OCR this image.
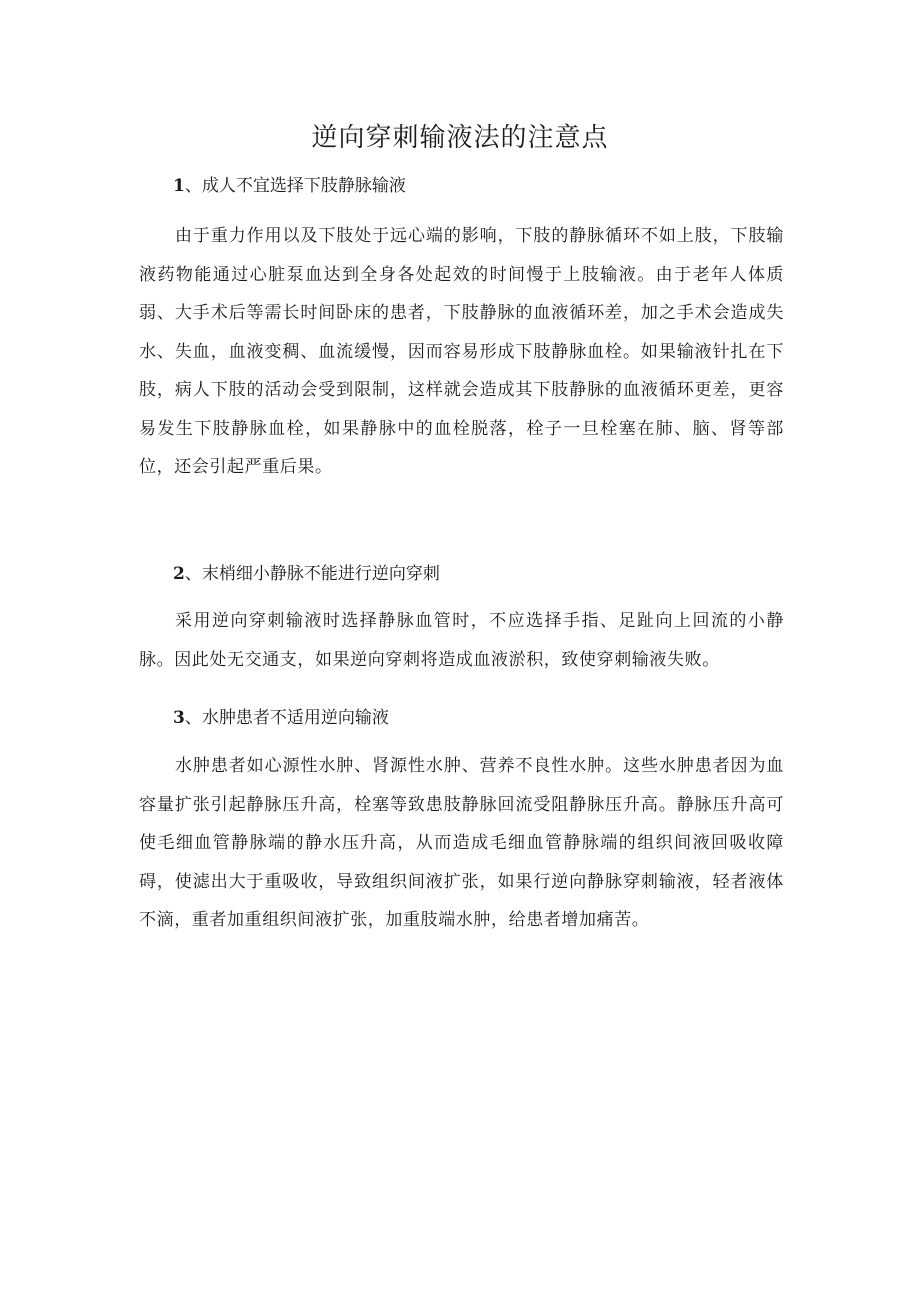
逆向穿刺输液法的注意点
1、成人不宜选择下肢静脉输液

由于重力作用以及下肢处于远心端的影响，下肢的静脉循环不如上肢，下肢输液药物能通过心脏泵血达到全身各处起效的时间慢于上肢输液。由于老年人体质弱、大手术后等需长时间卧床的患者，下肢静脉的血液循环差，加之手术会造成失水、失血，血液变稠、血流缓慢，因而容易形成下肢静脉血栓。如果输液针扎在下肢，病人下肢的活动会受到限制，这样就会造成其下肢静脉的血液循环更差，更容易发生下肢静脉血栓，如果静脉中的血栓脱落，栓子一旦栓塞在肺、脑、肾等部位，还会引起严重后果。

2、末梢细小静脉不能进行逆向穿刺

采用逆向穿刺输液时选择静脉血管时，不应选择手指、足趾向上回流的小静脉。因此处无交通支，如果逆向穿刺将造成血液淤积，致使穿刺输液失败。

3、水肿患者不适用逆向输液

水肿患者如心源性水肿、肾源性水肿、营养不良性水肿。这些水肿患者因为血容量扩张引起静脉压升高，栓塞等致患肢静脉回流受阻静脉压升高。静脉压升高可使毛细血管静脉端的静水压升高，从而造成毛细血管静脉端的组织间液回吸收障碍，使滤出大于重吸收，导致组织间液扩张，如果行逆向静脉穿刺输液，轻者液体不滴，重者加重组织间液扩张，加重肢端水肿，给患者增加痛苦。
